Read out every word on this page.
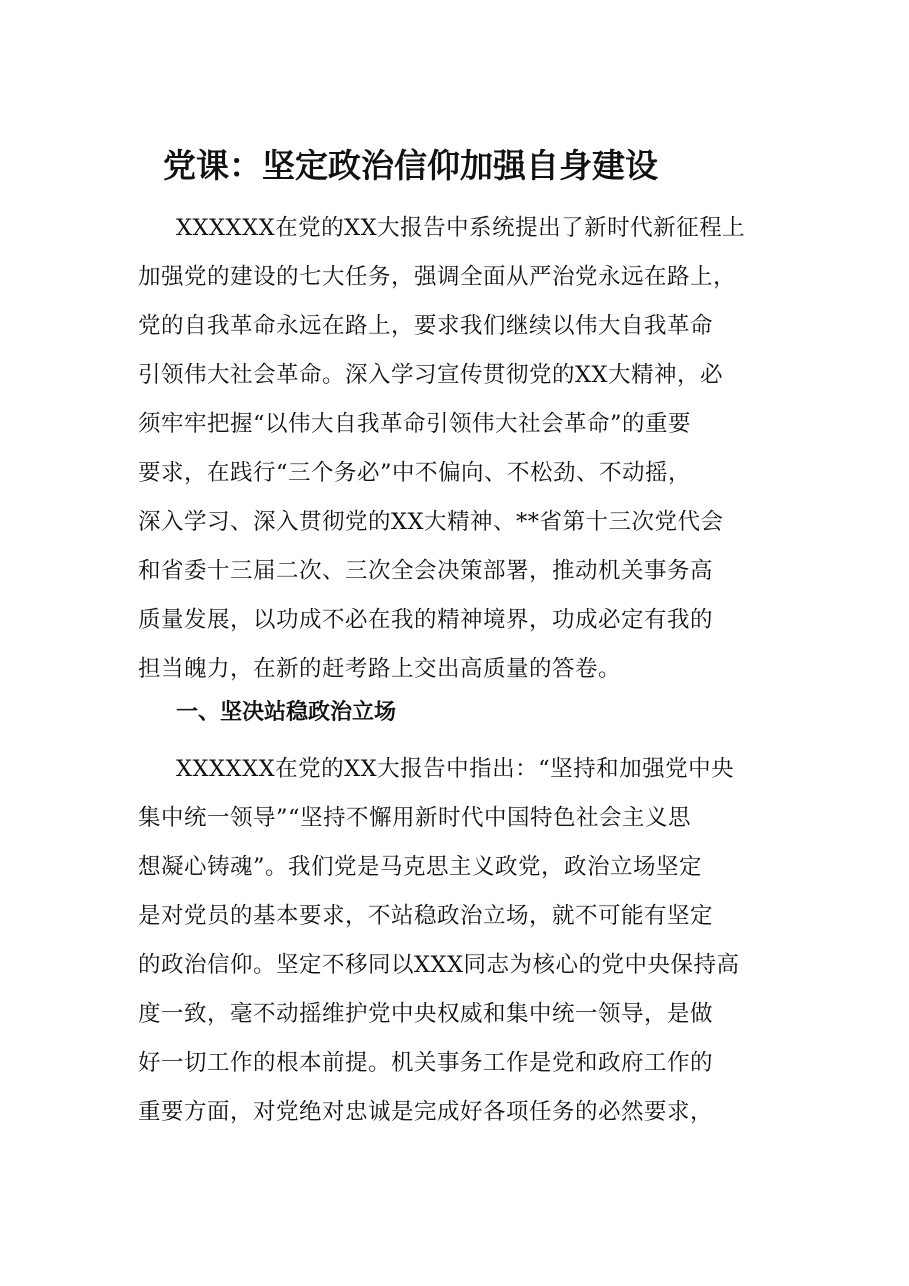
党课：坚定政治信仰加强自身建设
XXXXXX在党的XX大报告中系统提出了新时代新征程上
加强党的建设的七大任务，强调全面从严治党永远在路上，
党的自我革命永远在路上，要求我们继续以伟大自我革命
引领伟大社会革命。深入学习宣传贯彻党的XX大精神，必
须牢牢把握“以伟大自我革命引领伟大社会革命”的重要
要求，在践行“三个务必”中不偏向、不松劲、不动摇，
深入学习、深入贯彻党的XX大精神、**省第十三次党代会
和省委十三届二次、三次全会决策部署，推动机关事务高
质量发展，以功成不必在我的精神境界，功成必定有我的
担当魄力，在新的赶考路上交出高质量的答卷。
一、坚决站稳政治立场
XXXXXX在党的XX大报告中指出：“坚持和加强党中央
集中统一领导”“坚持不懈用新时代中国特色社会主义思
想凝心铸魂”。我们党是马克思主义政党，政治立场坚定
是对党员的基本要求，不站稳政治立场，就不可能有坚定
的政治信仰。坚定不移同以XXX同志为核心的党中央保持高
度一致，毫不动摇维护党中央权威和集中统一领导，是做
好一切工作的根本前提。机关事务工作是党和政府工作的
重要方面，对党绝对忠诚是完成好各项任务的必然要求，
